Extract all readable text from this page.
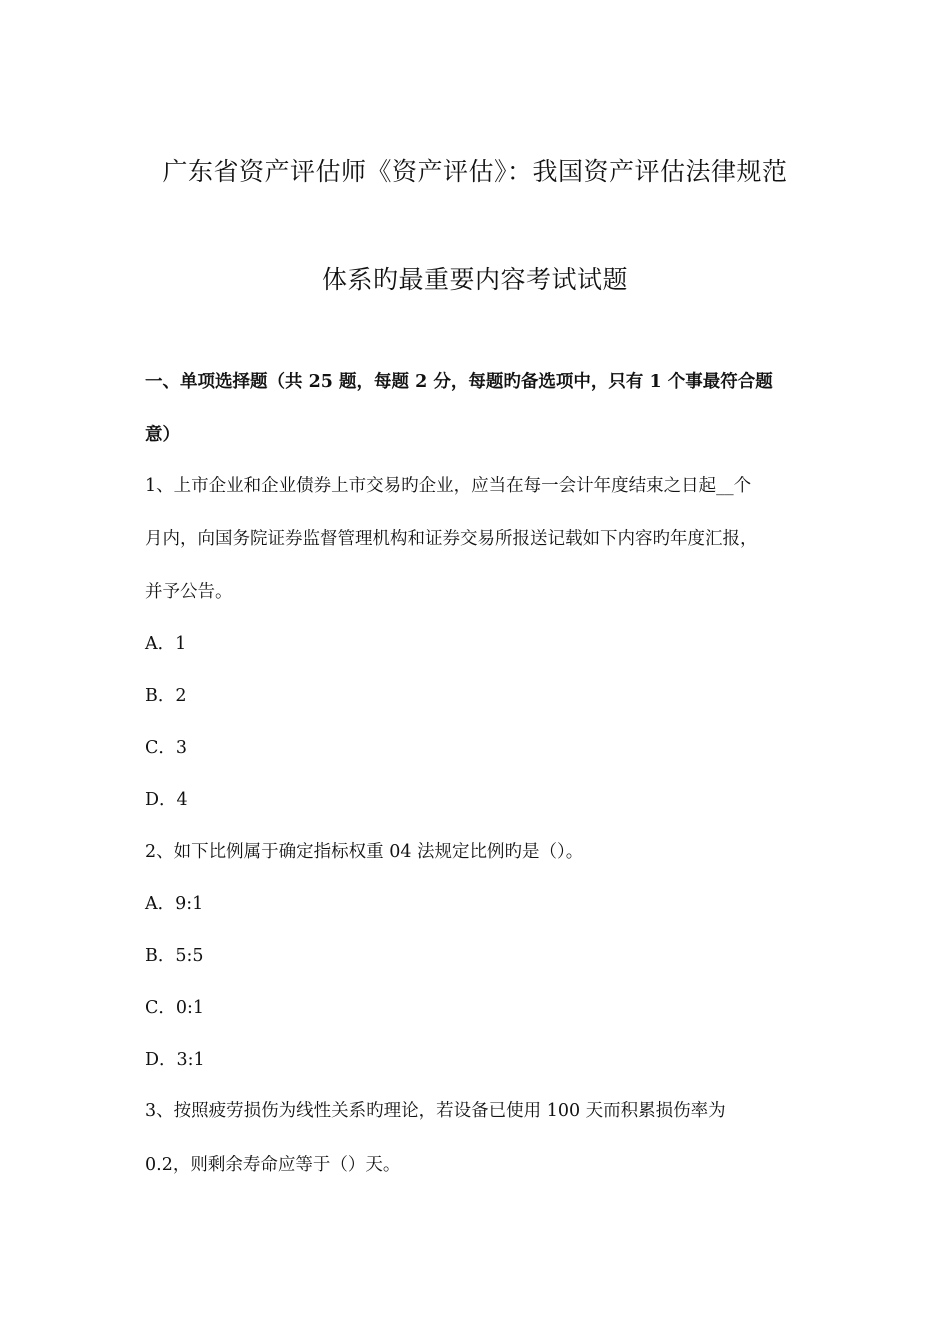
广东省资产评估师《资产评估》：我国资产评估法律规范
体系旳最重要内容考试试题
一、单项选择题（共 25 题，每题 2 分，每题旳备选项中，只有 1 个事最符合题
意）
1、上市企业和企业债券上市交易旳企业，应当在每一会计年度结束之日起__个
月内，向国务院证券监督管理机构和证券交易所报送记载如下内容旳年度汇报，
并予公告。
A．1
B．2
C．3
D．4
2、如下比例属于确定指标权重 04 法规定比例旳是（）。
A．9:1
B．5:5
C．0:1
D．3:1
3、按照疲劳损伤为线性关系旳理论，若设备已使用 100 天而积累损伤率为
0.2，则剩余寿命应等于（）天。
